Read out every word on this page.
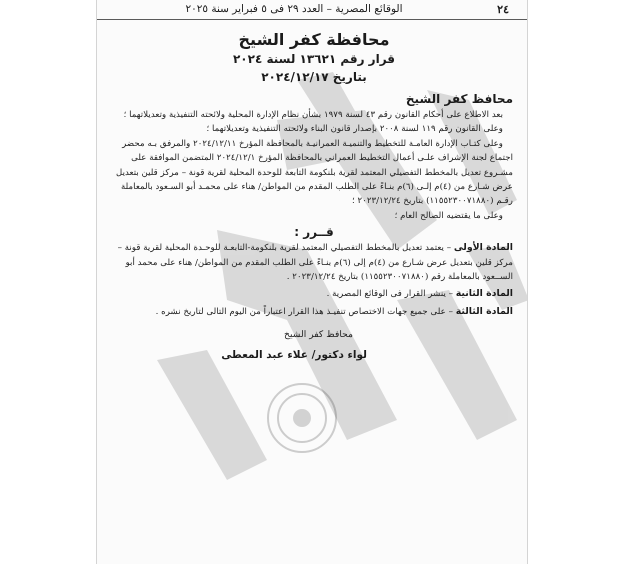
الوقائع المصرية – العدد ٢٩ فى ٥ فبراير سنة ٢٠٢٥	٢٤
محافظة كفر الشيخ
قرار رقم ١٣٦٢١ لسنة ٢٠٢٤
بتاريخ ٢٠٢٤/١٢/١٧
محافظ كفر الشيخ

بعد الاطلاع على أحكام القانون رقم ٤٣ لسنة ١٩٧٩ بشأن نظام الإدارة المحلية ولائحته التنفيذية وتعديلاتهما ؛

وعلى القانون رقم ١١٩ لسنة ٢٠٠٨ بإصدار قانون البناء ولائحته التنفيذية وتعديلاتهما ؛

وعلى كتـاب الإدارة العامـة للتخطيط والتنميـة العمرانيـة بالمحافظة المؤرخ ٢٠٢٤/١٢/١١ والمرفق بـه محضر اجتماع لجنة الإشراف علـى أعمال التخطيط العمراني بالمحافظة المؤرخ ٢٠٢٤/١٢/١ المتضمن الموافقة على مشـروع تعديل بالمخطط التفصيلي المعتمد لقرية بلنكومة التابعة للوحدة المحلية لقرية قونة – مركز قلين بتعديل عرض شـارع من (٤)م إلـى (٦)م بنـاءً على الطلب المقدم من المواطن/ هناء على محمـد أبو السـعود بالمعاملة رقـم (١١٥٥٢٣٠٠٧١٨٨٠) بتاريخ ٢٠٢٣/١٢/٢٤ ؛

وعلى ما يقتضيه الصالح العام ؛

قــرر :

المادة الأولى – يعتمد تعديل بالمخطط التفصيلي المعتمد لقرية بلنكومة-التابعـة للوحـدة المحلية لقرية قونة – مركز قلين بتعديل عرض شـارع من (٤)م إلى (٦)م بنـاءً على الطلب المقدم من المواطن/ هناء على محمد أبو الســعود بالمعاملة رقم (١١٥٥٢٣٠٠٧١٨٨٠) بتاريخ ٢٠٢٣/١٢/٢٤ .

المادة الثانية – ينشر القرار فى الوقائع المصرية .

المادة الثالثة – على جميع جهات الاختصاص تنفيـذ هذا القرار اعتباراً من اليوم التالى لتاريخ نشره .

محافظ كفر الشيخ
لواء دكتور/ علاء عبد المعطى
